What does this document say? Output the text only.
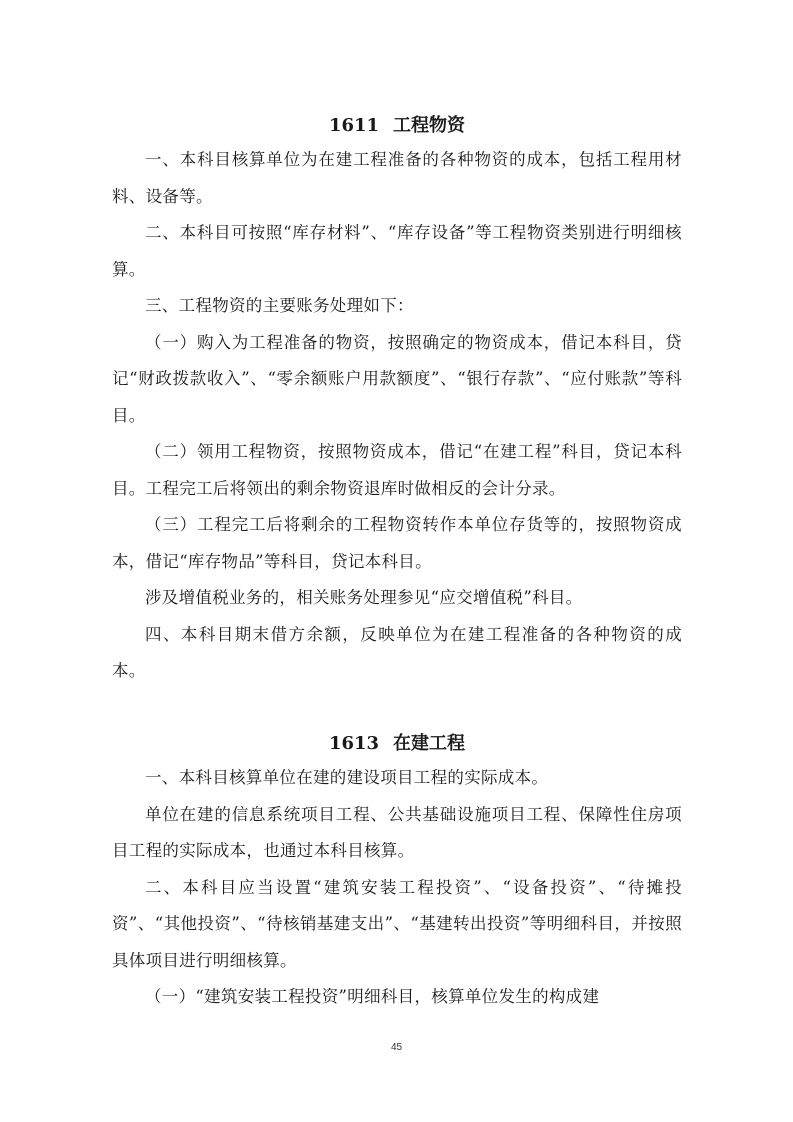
1611 工程物资

一、本科目核算单位为在建工程准备的各种物资的成本，包括工程用材料、设备等。

二、本科目可按照“库存材料”、“库存设备”等工程物资类别进行明细核算。

三、工程物资的主要账务处理如下：

（一）购入为工程准备的物资，按照确定的物资成本，借记本科目，贷记“财政拨款收入”、“零余额账户用款额度”、“银行存款”、“应付账款”等科目。

（二）领用工程物资，按照物资成本，借记“在建工程”科目，贷记本科目。工程完工后将领出的剩余物资退库时做相反的会计分录。

（三）工程完工后将剩余的工程物资转作本单位存货等的，按照物资成本，借记“库存物品”等科目，贷记本科目。

涉及增值税业务的，相关账务处理参见“应交增值税”科目。

四、本科目期末借方余额，反映单位为在建工程准备的各种物资的成本。

1613 在建工程

一、本科目核算单位在建的建设项目工程的实际成本。

单位在建的信息系统项目工程、公共基础设施项目工程、保障性住房项目工程的实际成本，也通过本科目核算。

二、本科目应当设置“建筑安装工程投资”、“设备投资”、“待摊投资”、“其他投资”、“待核销基建支出”、“基建转出投资”等明细科目，并按照具体项目进行明细核算。

（一）“建筑安装工程投资”明细科目，核算单位发生的构成建

45
